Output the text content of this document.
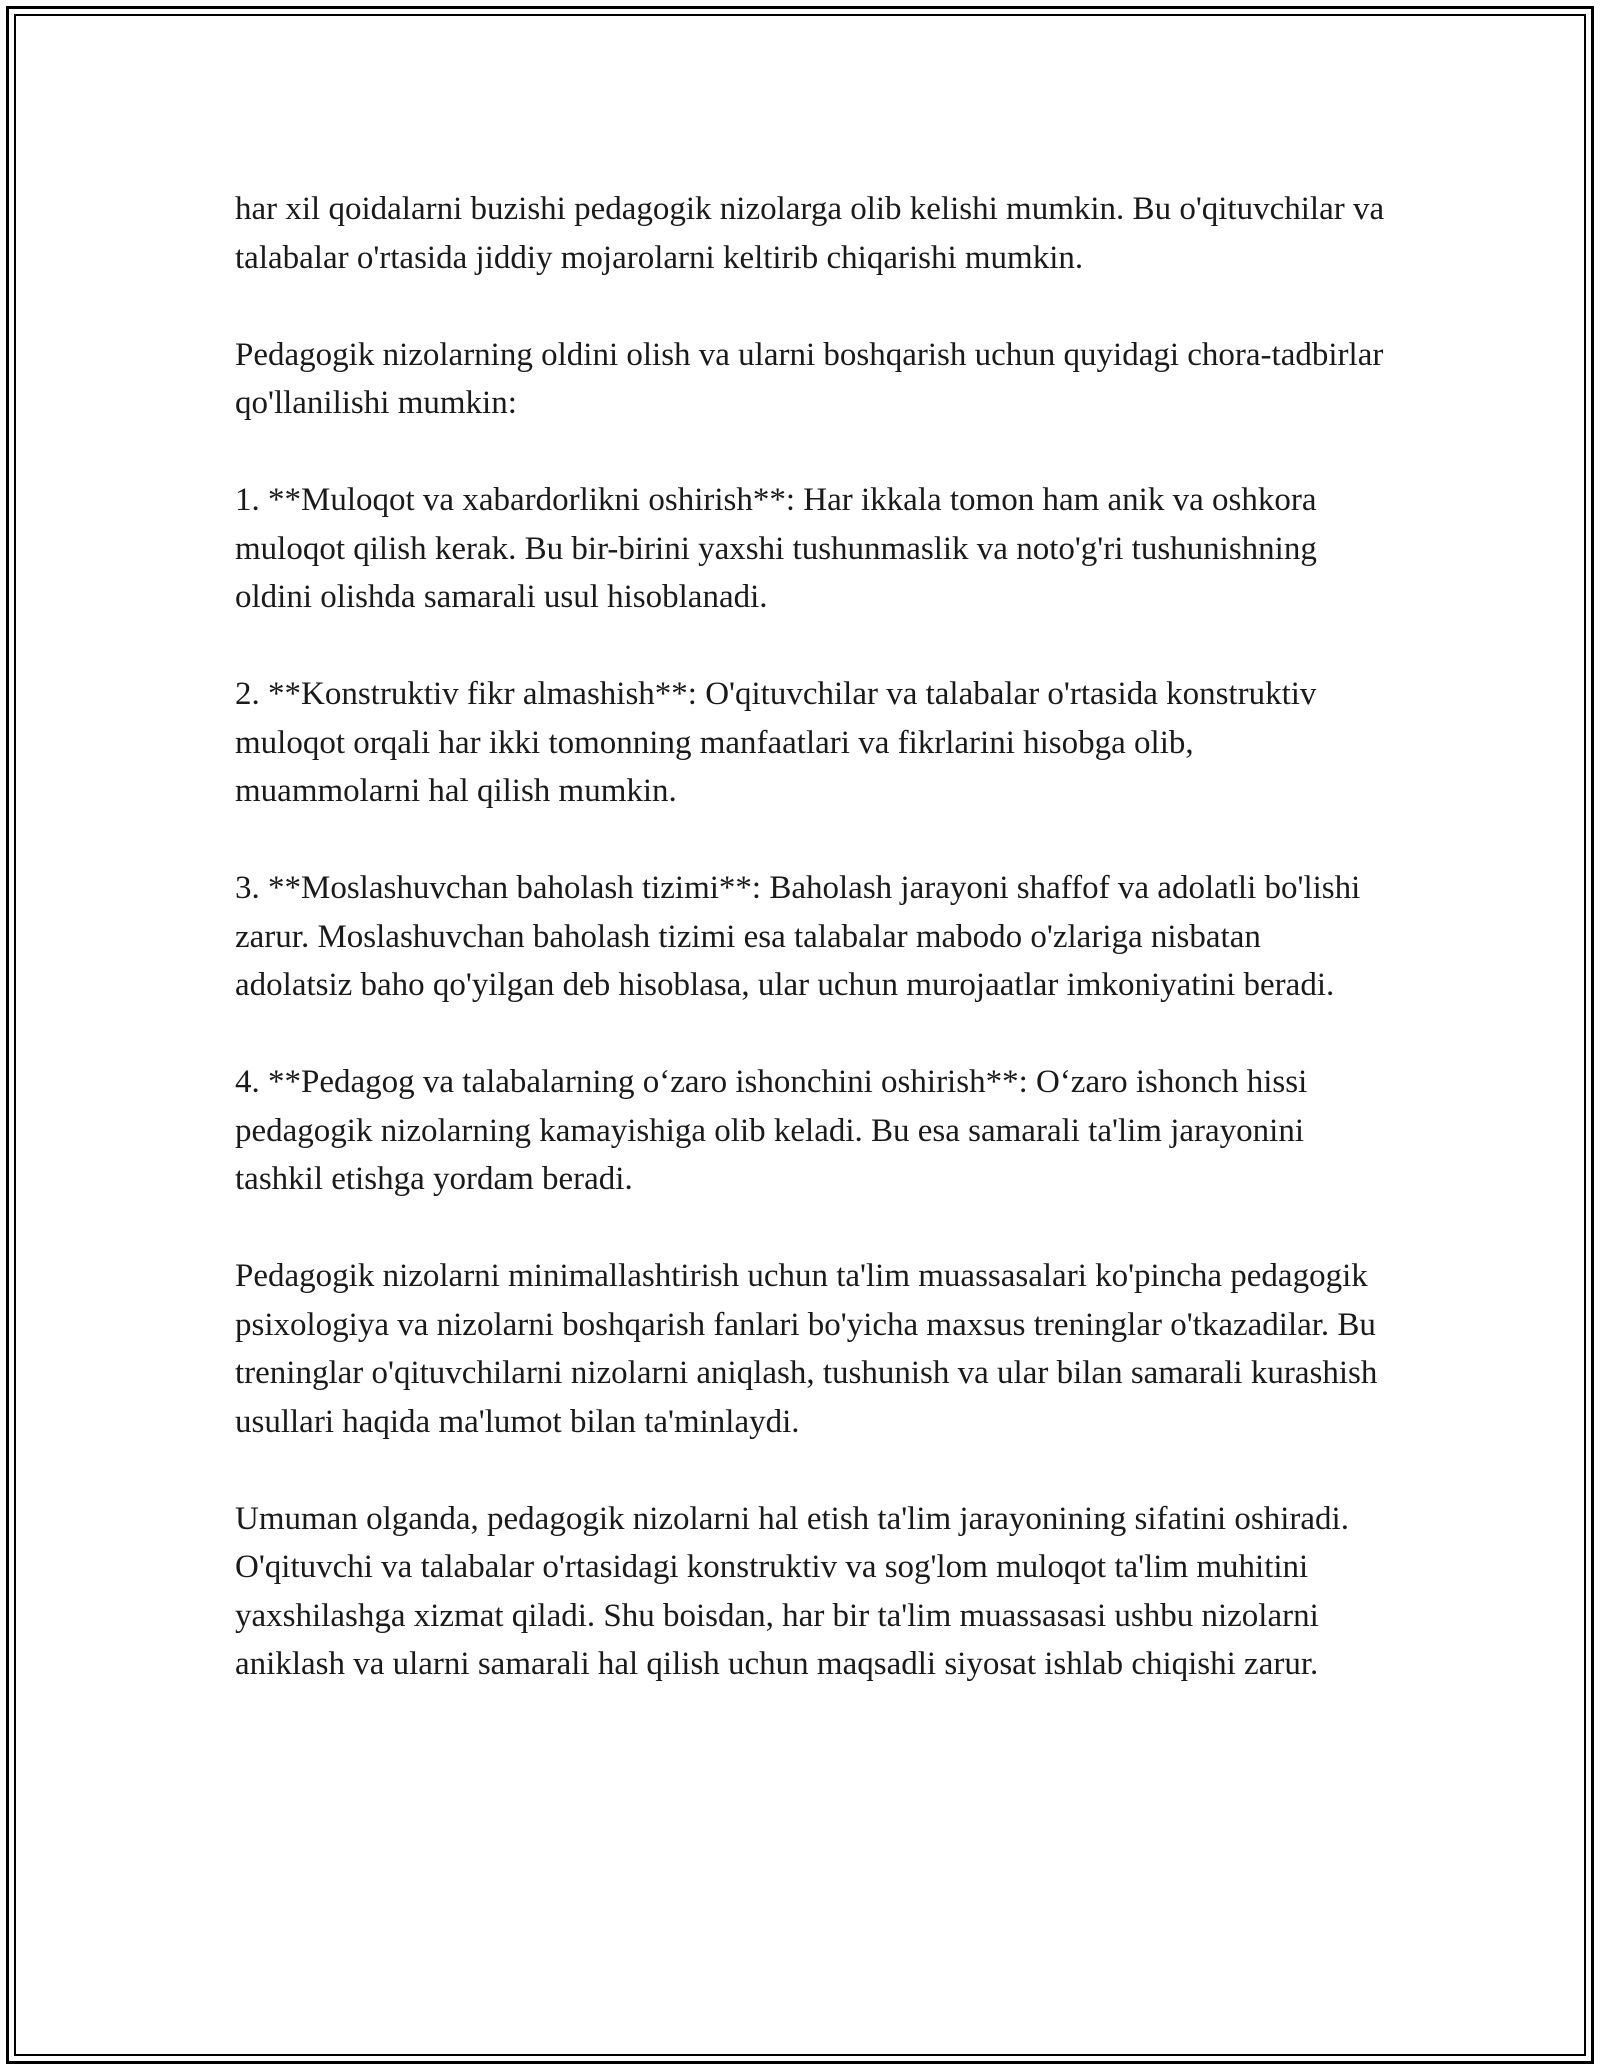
har xil qoidalarni buzishi pedagogik nizolarga olib kelishi mumkin. Bu o'qituvchilar va talabalar o'rtasida jiddiy mojarolarni keltirib chiqarishi mumkin.

Pedagogik nizolarning oldini olish va ularni boshqarish uchun quyidagi chora-tadbirlar qo'llanilishi mumkin:

1. **Muloqot va xabardorlikni oshirish**: Har ikkala tomon ham anik va oshkora muloqot qilish kerak. Bu bir-birini yaxshi tushunmaslik va noto'g'ri tushunishning oldini olishda samarali usul hisoblanadi.

2. **Konstruktiv fikr almashish**: O'qituvchilar va talabalar o'rtasida konstruktiv muloqot orqali har ikki tomonning manfaatlari va fikrlarini hisobga olib, muammolarni hal qilish mumkin.

3. **Moslashuvchan baholash tizimi**: Baholash jarayoni shaffof va adolatli bo'lishi zarur. Moslashuvchan baholash tizimi esa talabalar mabodo o'zlariga nisbatan adolatsiz baho qo'yilgan deb hisoblasa, ular uchun murojaatlar imkoniyatini beradi.

4. **Pedagog va talabalarning o‘zaro ishonchini oshirish**: O‘zaro ishonch hissi pedagogik nizolarning kamayishiga olib keladi. Bu esa samarali ta'lim jarayonini tashkil etishga yordam beradi.

Pedagogik nizolarni minimallashtirish uchun ta'lim muassasalari ko'pincha pedagogik psixologiya va nizolarni boshqarish fanlari bo'yicha maxsus treninglar o'tkazadilar. Bu treninglar o'qituvchilarni nizolarni aniqlash, tushunish va ular bilan samarali kurashish usullari haqida ma'lumot bilan ta'minlaydi.

Umuman olganda, pedagogik nizolarni hal etish ta'lim jarayonining sifatini oshiradi. O'qituvchi va talabalar o'rtasidagi konstruktiv va sog'lom muloqot ta'lim muhitini yaxshilashga xizmat qiladi. Shu boisdan, har bir ta'lim muassasasi ushbu nizolarni aniklash va ularni samarali hal qilish uchun maqsadli siyosat ishlab chiqishi zarur.
